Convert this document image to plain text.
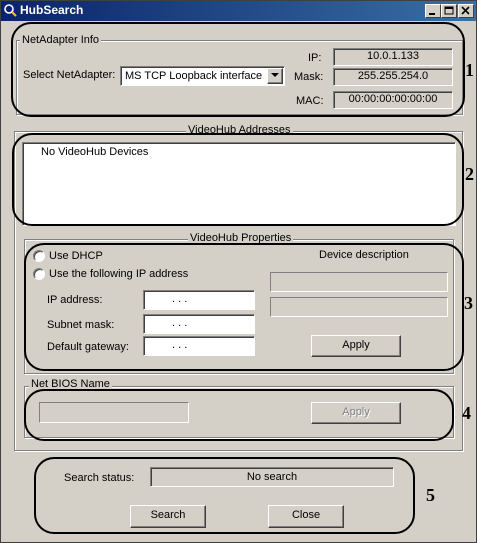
HubSearch
NetAdapter Info
Select NetAdapter: MS TCP Loopback interface
IP:	10.0.1.133
Mask:	255.255.254.0
MAC:	00:00:00:00:00:00
VideoHub Addresses
No VideoHub Devices
VideoHub Properties
Use DHCP
Use the following IP address
Device description
IP address:	. . .
Subnet mask:	. . .
Default gateway:	. . .	Apply
Net BIOS Name
Apply
Search status:	No search
Search	Close
1
2
3
4
5
